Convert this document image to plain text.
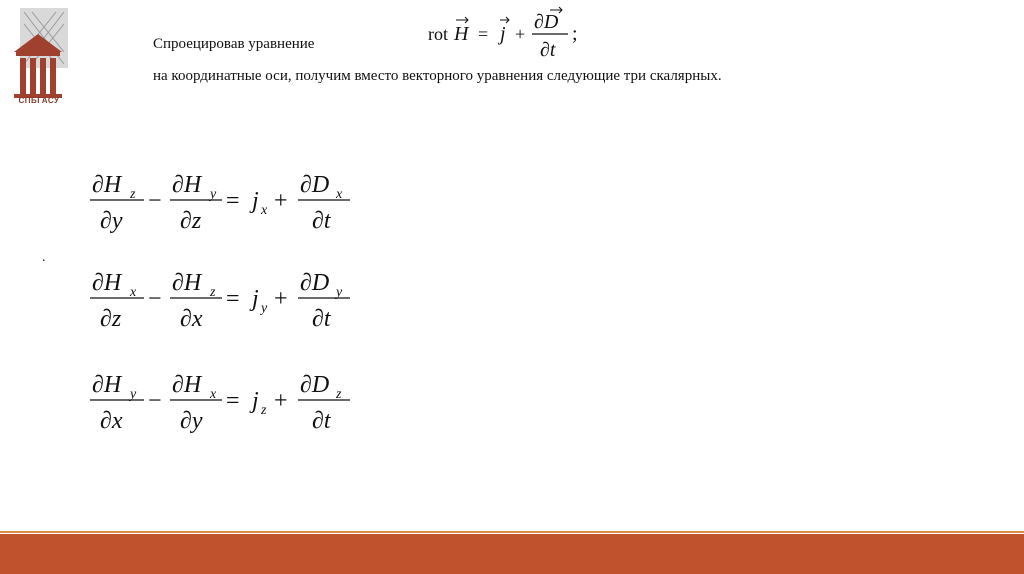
СПБГАСУ
Спроецировав уравнение
на координатные оси, получим вместо векторного уравнения следующие три скалярных.
.
rot H = j +
∂D
∂t
;
∂H z
∂y
−
∂H y
∂z
= j x +
∂D x
∂t
∂H x
∂z
−
∂H z
∂x
= j y +
∂D y
∂t
∂H y
∂x
−
∂H x
∂y
= j z +
∂D z
∂t
